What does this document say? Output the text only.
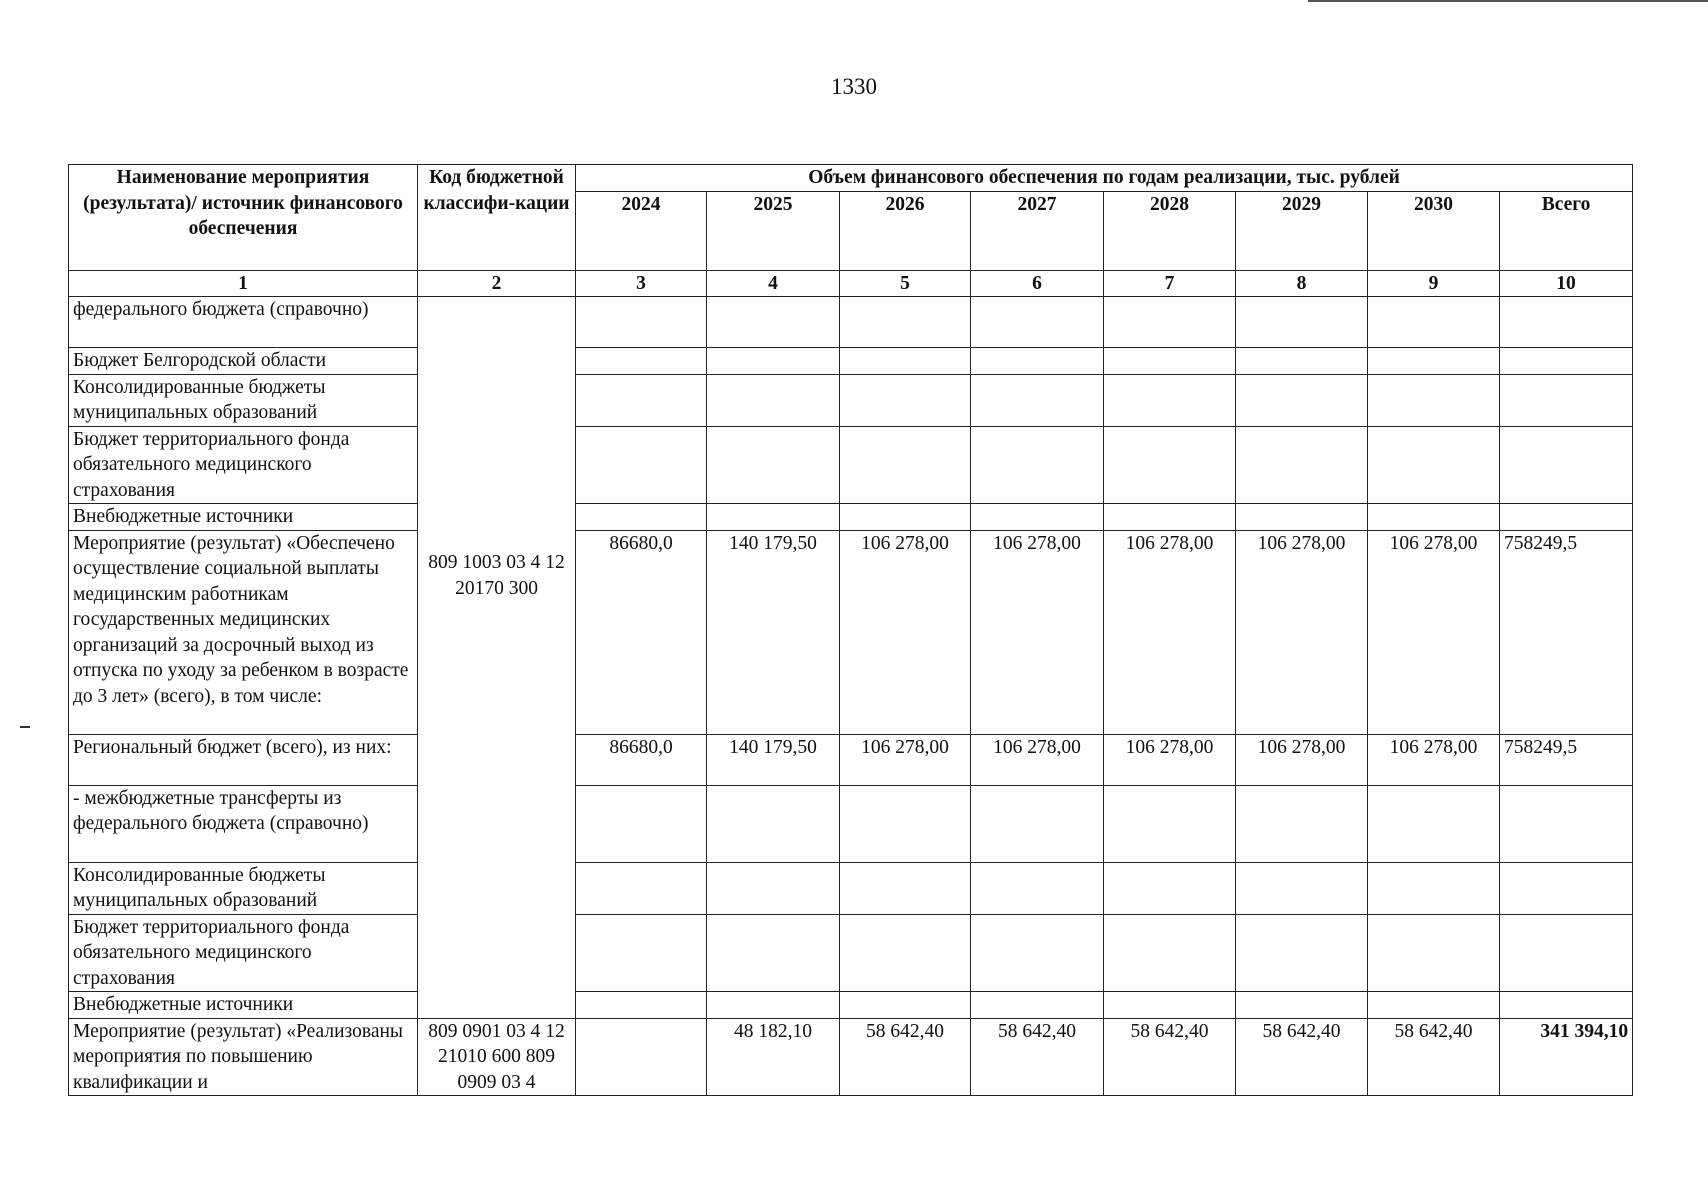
1330
Наименование мероприятия (результата)/ источник финансового обеспечения	Код бюджетной классифи-кации	Объем финансового обеспечения по годам реализации, тыс. рублей							
		2024	2025	2026	2027	2028	2029	2030	Всего
1	2	3	4	5	6	7	8	9	10
федерального бюджета (справочно)	809 1003 03 4 12 20170 300								

Бюджет Белгородской области									
Консолидированные бюджеты муниципальных образований									
Бюджет территориального фонда обязательного медицинского страхования									
Внебюджетные источники									
Мероприятие (результат) «Обеспечено осуществление социальной выплаты медицинским работникам государственных медицинских организаций за досрочный выход из отпуска по уходу за ребенком в возрасте до 3 лет» (всего), в том числе:		86680,0	140 179,50	106 278,00	106 278,00	106 278,00	106 278,00	106 278,00	758249,5
Региональный бюджет (всего), из них:		86680,0	140 179,50	106 278,00	106 278,00	106 278,00	106 278,00	106 278,00	758249,5
- межбюджетные трансферты из федерального бюджета (справочно)									
Консолидированные бюджеты муниципальных образований									
Бюджет территориального фонда обязательного медицинского страхования									
Внебюджетные источники									
Мероприятие (результат) «Реализованы мероприятия по повышению квалификации и	809 0901 03 4 12 21010 600 809 0909 03 4		48 182,10	58 642,40	58 642,40	58 642,40	58 642,40	58 642,40	341 394,10
